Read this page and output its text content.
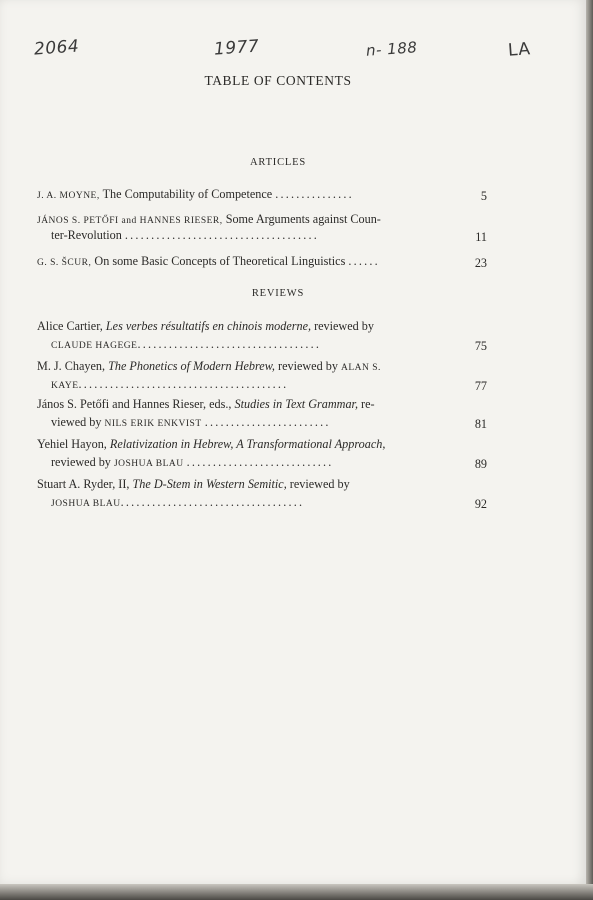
2064	1977	n- 188	LA
TABLE OF CONTENTS
ARTICLES
J. A. MOYNE, The Computability of Competence ...............	5
JÁNOS S. PETŐFI and HANNES RIESER, Some Arguments against Coun-
ter-Revolution .....................................	11
G. S. ŠCUR, On some Basic Concepts of Theoretical Linguistics ......	23
REVIEWS
Alice Cartier, Les verbes résultatifs en chinois moderne, reviewed by
CLAUDE HAGEGE...................................	75
M. J. Chayen, The Phonetics of Modern Hebrew, reviewed by ALAN S.
KAYE........................................	77
János S. Petőfi and Hannes Rieser, eds., Studies in Text Grammar, re-
viewed by NILS ERIK ENKVIST ........................	81
Yehiel Hayon, Relativization in Hebrew, A Transformational Approach,
reviewed by JOSHUA BLAU ............................	89
Stuart A. Ryder, II, The D-Stem in Western Semitic, reviewed by
JOSHUA BLAU...................................	92
